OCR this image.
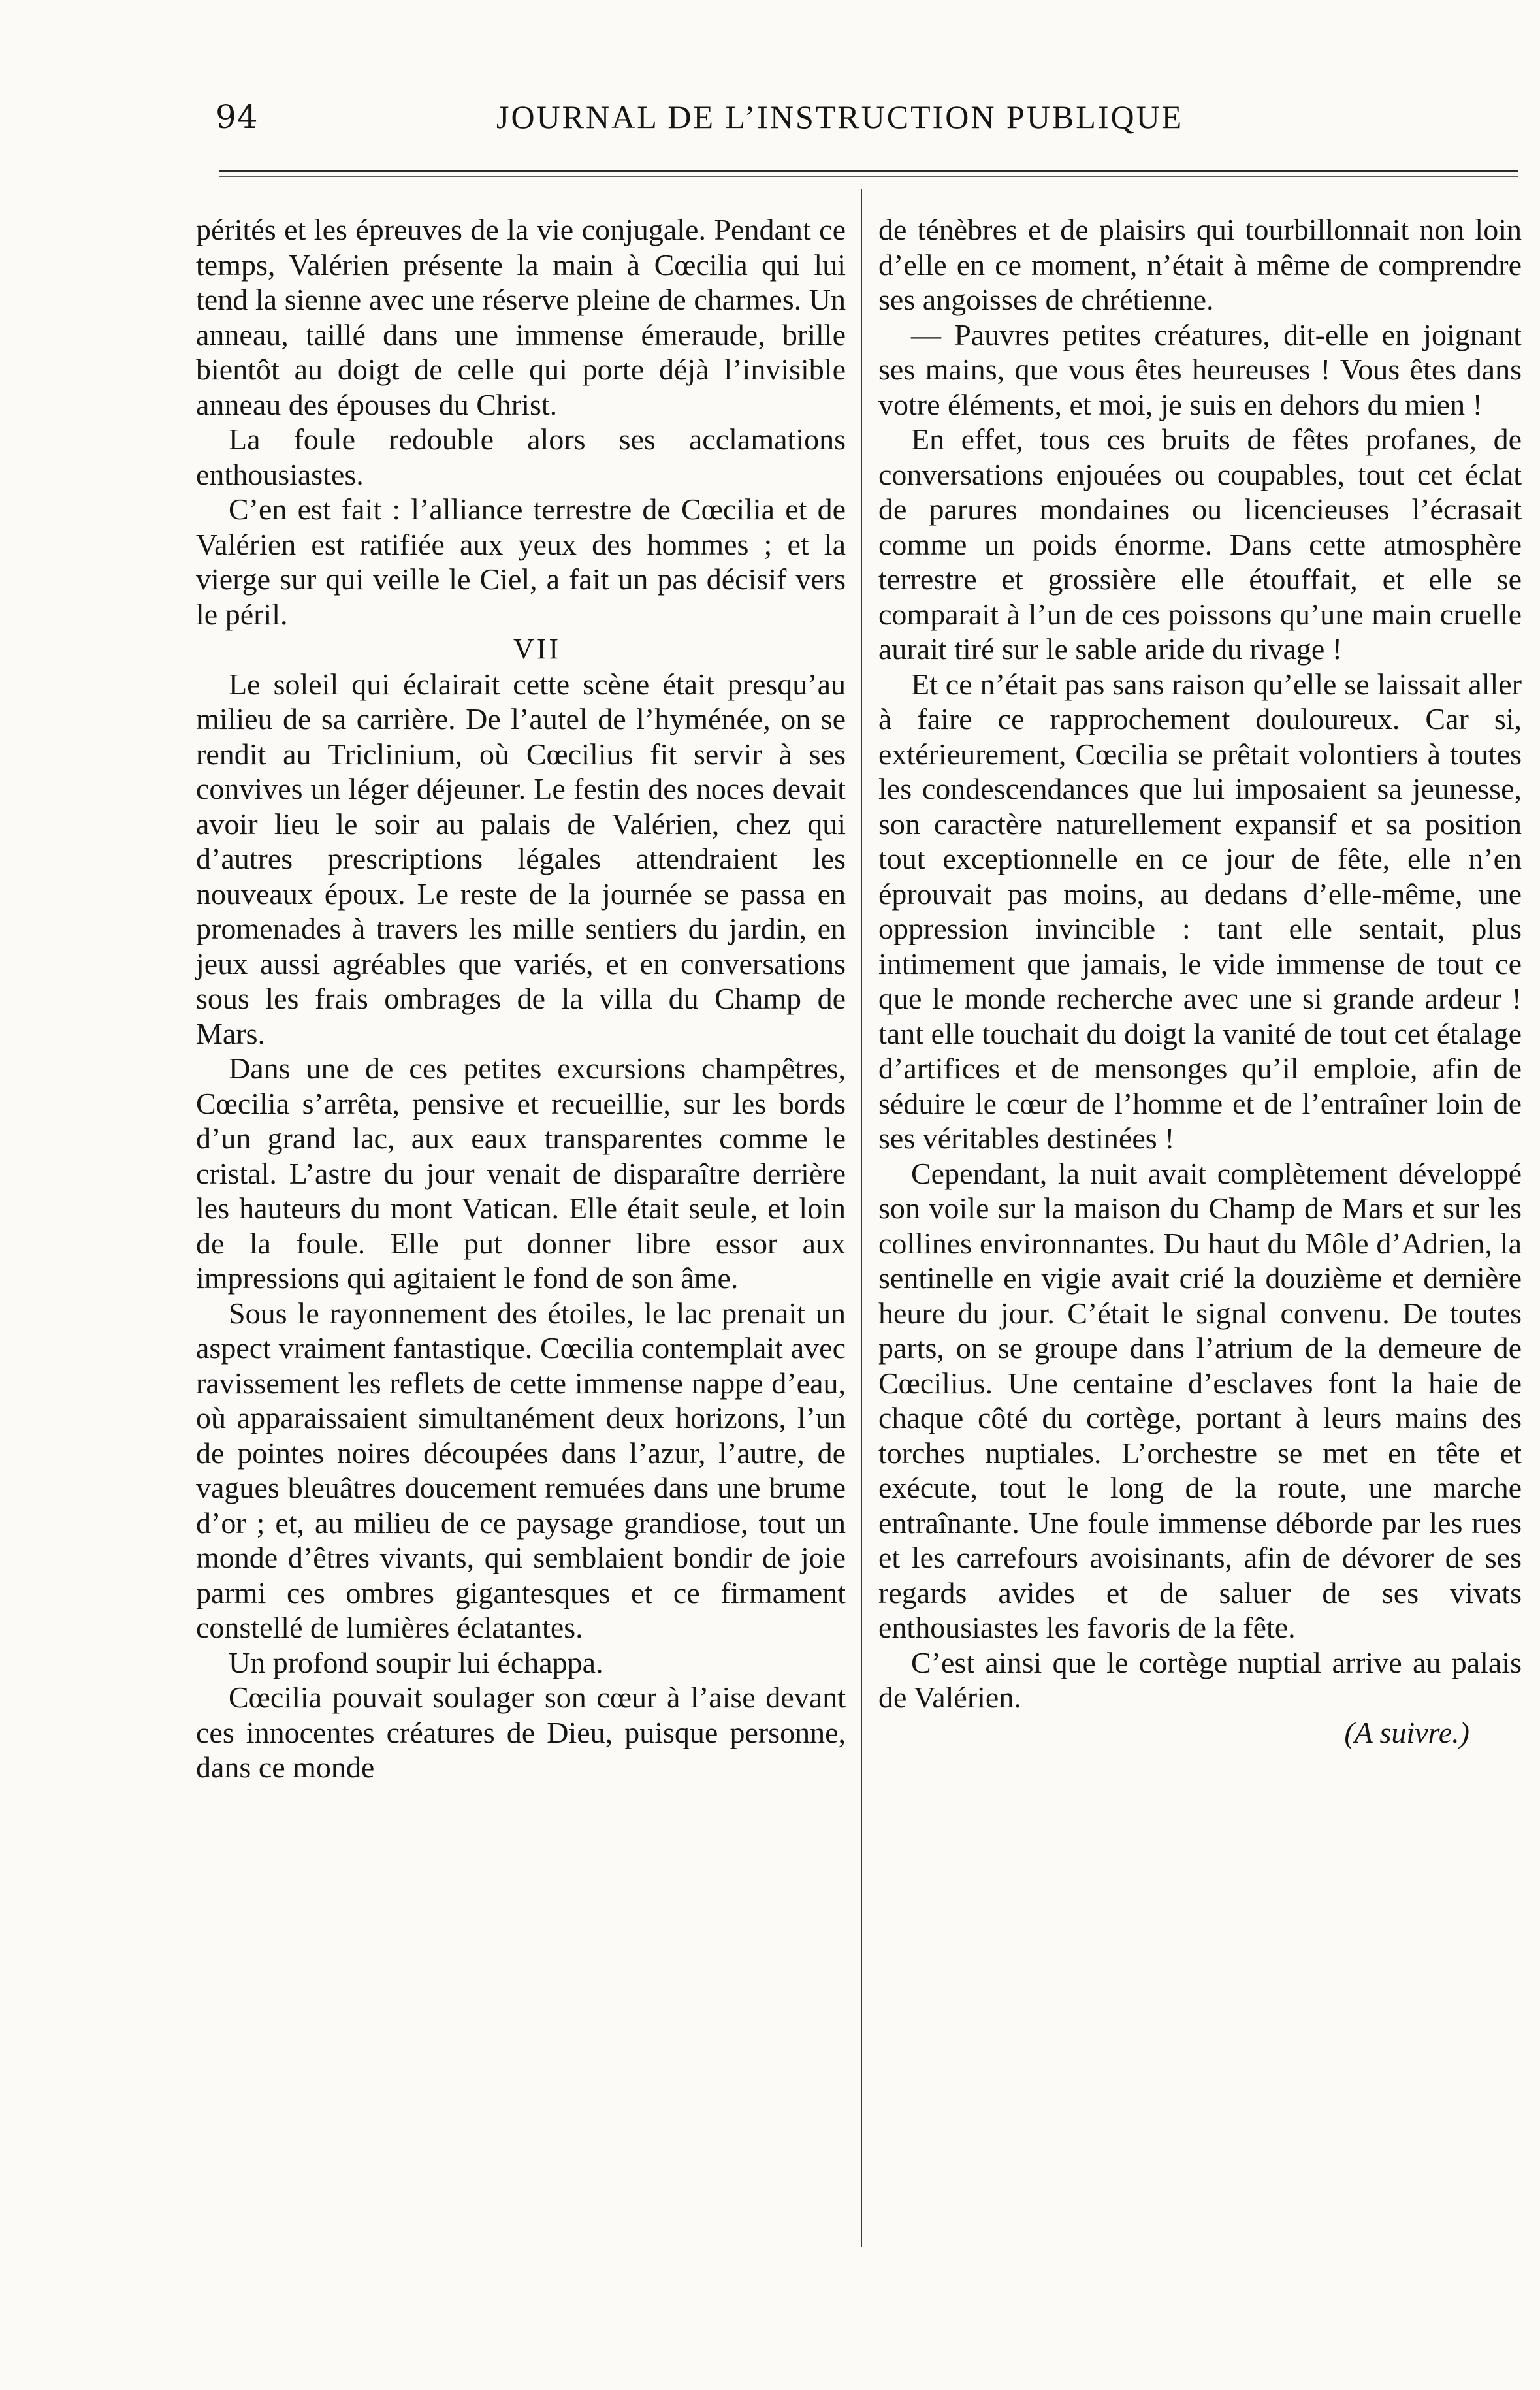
94	JOURNAL DE L’INSTRUCTION PUBLIQUE

pérités et les épreuves de la vie conjugale. Pendant ce temps, Valérien présente la main à Cœcilia qui lui tend la sienne avec une réserve pleine de charmes. Un anneau, taillé dans une immense émeraude, brille bientôt au doigt de celle qui porte déjà l’invisible anneau des épouses du Christ.

La foule redouble alors ses acclamations enthousiastes.

C’en est fait : l’alliance terrestre de Cœcilia et de Valérien est ratifiée aux yeux des hommes ; et la vierge sur qui veille le Ciel, a fait un pas décisif vers le péril.

VII

Le soleil qui éclairait cette scène était presqu’au milieu de sa carrière. De l’autel de l’hyménée, on se rendit au Triclinium, où Cœcilius fit servir à ses convives un léger déjeuner. Le festin des noces devait avoir lieu le soir au palais de Valérien, chez qui d’autres prescriptions légales attendraient les nouveaux époux. Le reste de la journée se passa en promenades à travers les mille sentiers du jardin, en jeux aussi agréables que variés, et en conversations sous les frais ombrages de la villa du Champ de Mars.

Dans une de ces petites excursions champêtres, Cœcilia s’arrêta, pensive et recueillie, sur les bords d’un grand lac, aux eaux transparentes comme le cristal. L’astre du jour venait de disparaître derrière les hauteurs du mont Vatican. Elle était seule, et loin de la foule. Elle put donner libre essor aux impressions qui agitaient le fond de son âme.

Sous le rayonnement des étoiles, le lac prenait un aspect vraiment fantastique. Cœcilia contemplait avec ravissement les reflets de cette immense nappe d’eau, où apparaissaient simultanément deux horizons, l’un de pointes noires découpées dans l’azur, l’autre, de vagues bleuâtres doucement remuées dans une brume d’or ; et, au milieu de ce paysage grandiose, tout un monde d’êtres vivants, qui semblaient bondir de joie parmi ces ombres gigantesques et ce firmament constellé de lumières éclatantes.

Un profond soupir lui échappa.

Cœcilia pouvait soulager son cœur à l’aise devant ces innocentes créatures de Dieu, puisque personne, dans ce monde

de ténèbres et de plaisirs qui tourbillonnait non loin d’elle en ce moment, n’était à même de comprendre ses angoisses de chrétienne.

— Pauvres petites créatures, dit-elle en joignant ses mains, que vous êtes heureuses ! Vous êtes dans votre éléments, et moi, je suis en dehors du mien !

En effet, tous ces bruits de fêtes profanes, de conversations enjouées ou coupables, tout cet éclat de parures mondaines ou licencieuses l’écrasait comme un poids énorme. Dans cette atmosphère terrestre et grossière elle étouffait, et elle se comparait à l’un de ces poissons qu’une main cruelle aurait tiré sur le sable aride du rivage !

Et ce n’était pas sans raison qu’elle se laissait aller à faire ce rapprochement douloureux. Car si, extérieurement, Cœcilia se prêtait volontiers à toutes les condescendances que lui imposaient sa jeunesse, son caractère naturellement expansif et sa position tout exceptionnelle en ce jour de fête, elle n’en éprouvait pas moins, au dedans d’elle-même, une oppression invincible : tant elle sentait, plus intimement que jamais, le vide immense de tout ce que le monde recherche avec une si grande ardeur ! tant elle touchait du doigt la vanité de tout cet étalage d’artifices et de mensonges qu’il emploie, afin de séduire le cœur de l’homme et de l’entraîner loin de ses véritables destinées !

Cependant, la nuit avait complètement développé son voile sur la maison du Champ de Mars et sur les collines environnantes. Du haut du Môle d’Adrien, la sentinelle en vigie avait crié la douzième et dernière heure du jour. C’était le signal convenu. De toutes parts, on se groupe dans l’atrium de la demeure de Cœcilius. Une centaine d’esclaves font la haie de chaque côté du cortège, portant à leurs mains des torches nuptiales. L’orchestre se met en tête et exécute, tout le long de la route, une marche entraînante. Une foule immense déborde par les rues et les carrefours avoisinants, afin de dévorer de ses regards avides et de saluer de ses vivats enthousiastes les favoris de la fête.

C’est ainsi que le cortège nuptial arrive au palais de Valérien.

(A suivre.)
